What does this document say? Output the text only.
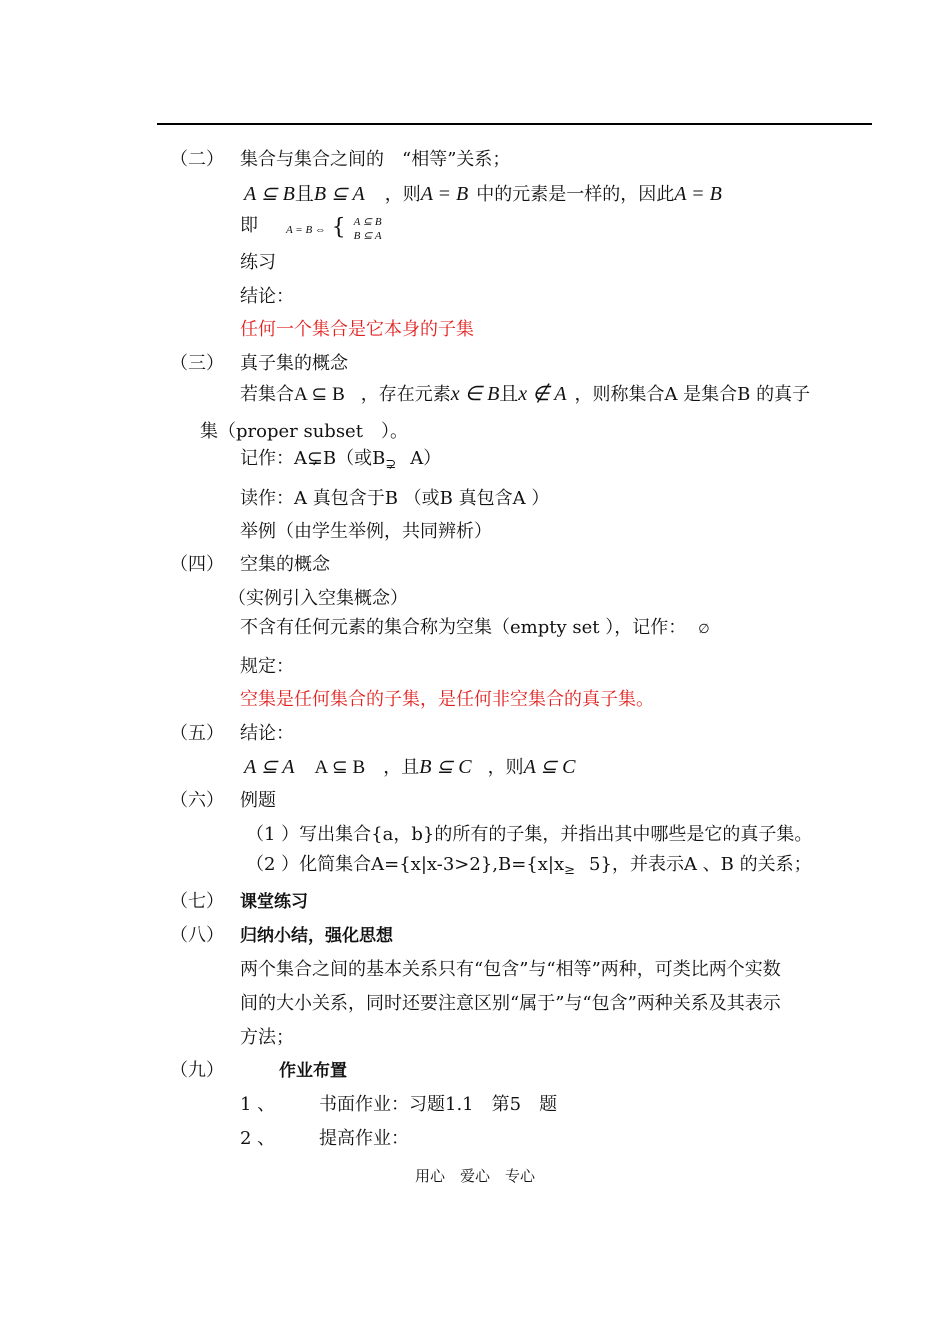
（二） 集合与集合之间的　“相等”关系；
A ⊆ B且B ⊆ A ，则A = B 中的元素是一样的，因此A = B
即	A = B ⇔ { A ⊆ B
B ⊆ A
练习
结论：
任何一个集合是它本身的子集
（三） 真子集的概念
若集合A ⊆ B ，存在元素x ∈ B且x ∉ A ，则称集合A 是集合B 的真子
集（proper subset　）。
记作：A⊊B（或$B_⊋$ A）
读作：A 真包含于B （或B 真包含A ）
举例（由学生举例，共同辨析）
（四） 空集的概念
（实例引入空集概念）
不含有任何元素的集合称为空集（empty set ），记作： ∅
规定：
空集是任何集合的子集，是任何非空集合的真子集。
（五） 结论：
A ⊆ A A ⊆ B ，且B ⊆ C ，则A ⊆ C
（六） 例题
（1 ）写出集合{a，b}的所有的子集，并指出其中哪些是它的真子集。
（2 ）化简集合$A=\{x|x-3>2\},B=\{x|x_\ge$ 5}，并表示A 、B 的关系；
（七） 课堂练习
（八） 归纳小结，强化思想
两个集合之间的基本关系只有“包含”与“相等”两种，可类比两个实数
间的大小关系，同时还要注意区别“属于”与“包含”两种关系及其表示
方法；
（九）	作业布置
1 、 书面作业：习题1.1　第5　题
2 、 提高作业：
用心　爱心　专心
